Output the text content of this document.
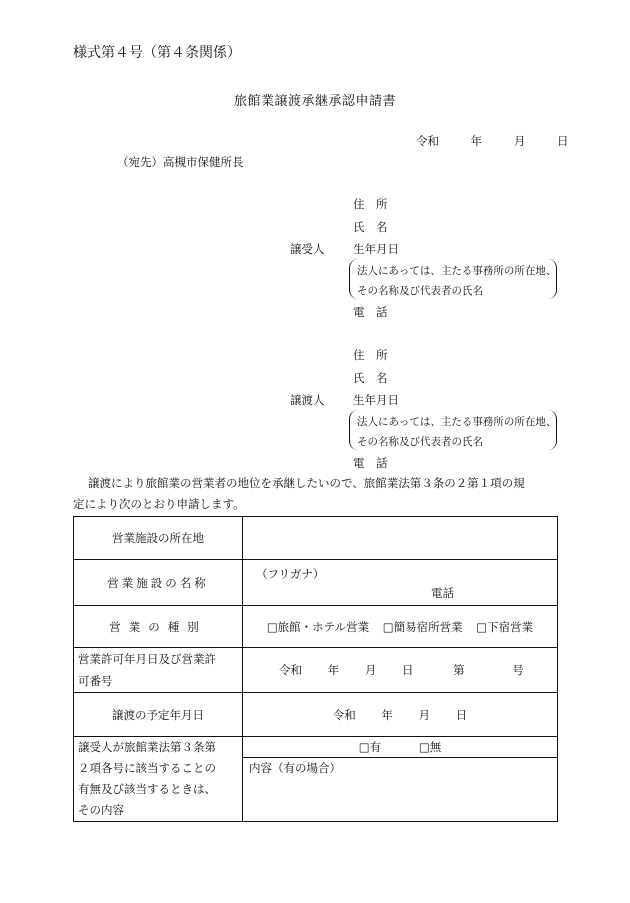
様式第４号（第４条関係）
旅館業譲渡承継承認申請書
令和	年	月	日
（宛先）高槻市保健所長
住　所
氏　名
譲受人 生年月日
法人にあっては、主たる事務所の所在地、
その名称及び代表者の氏名
電　話
住　所
氏　名
譲渡人 生年月日
法人にあっては、主たる事務所の所在地、
その名称及び代表者の氏名
電　話
譲渡により旅館業の営業者の地位を承継したいので、旅館業法第３条の２第１項の規
定により次のとおり申請します。
営業施設の所在地	
営業施設の名称	（フリガナ）
電話

営業の種別	□旅館・ホテル営業 □簡易宿所営業 □下宿営業

営業許可年月日及び営業許
可番号	令和 年 月 日 第 号
譲渡の予定年月日	令和 年 月 日

譲受人が旅館業法第３条第
２項各号に該当することの
有無及び該当するときは、
その内容	□有 □無
	内容（有の場合）
